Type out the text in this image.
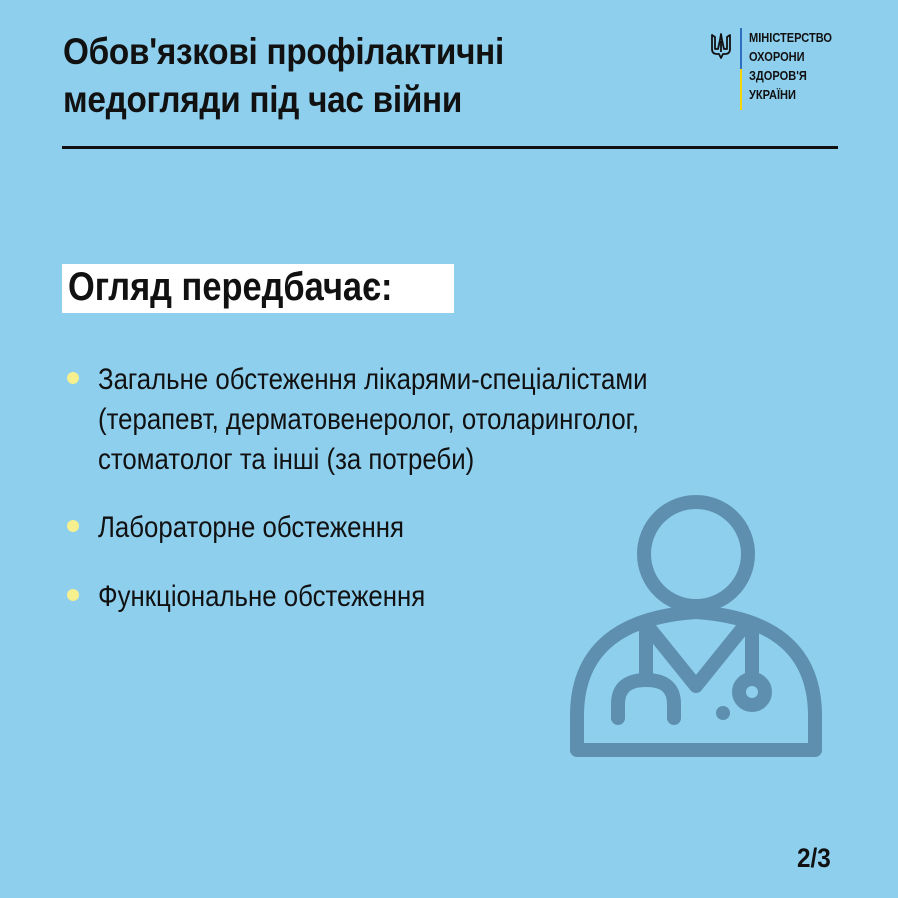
Обов'язкові профілактичні
медогляди під час війни
МІНІСТЕРСТВО
ОХОРОНИ
ЗДОРОВ'Я
УКРАЇНИ
Огляд передбачає:
Загальне обстеження лікарями-спеціалістами
(терапевт, дерматовенеролог, отоларинголог,
стоматолог та інші (за потреби)
Лабораторне обстеження
Функціональне обстеження
2/3
